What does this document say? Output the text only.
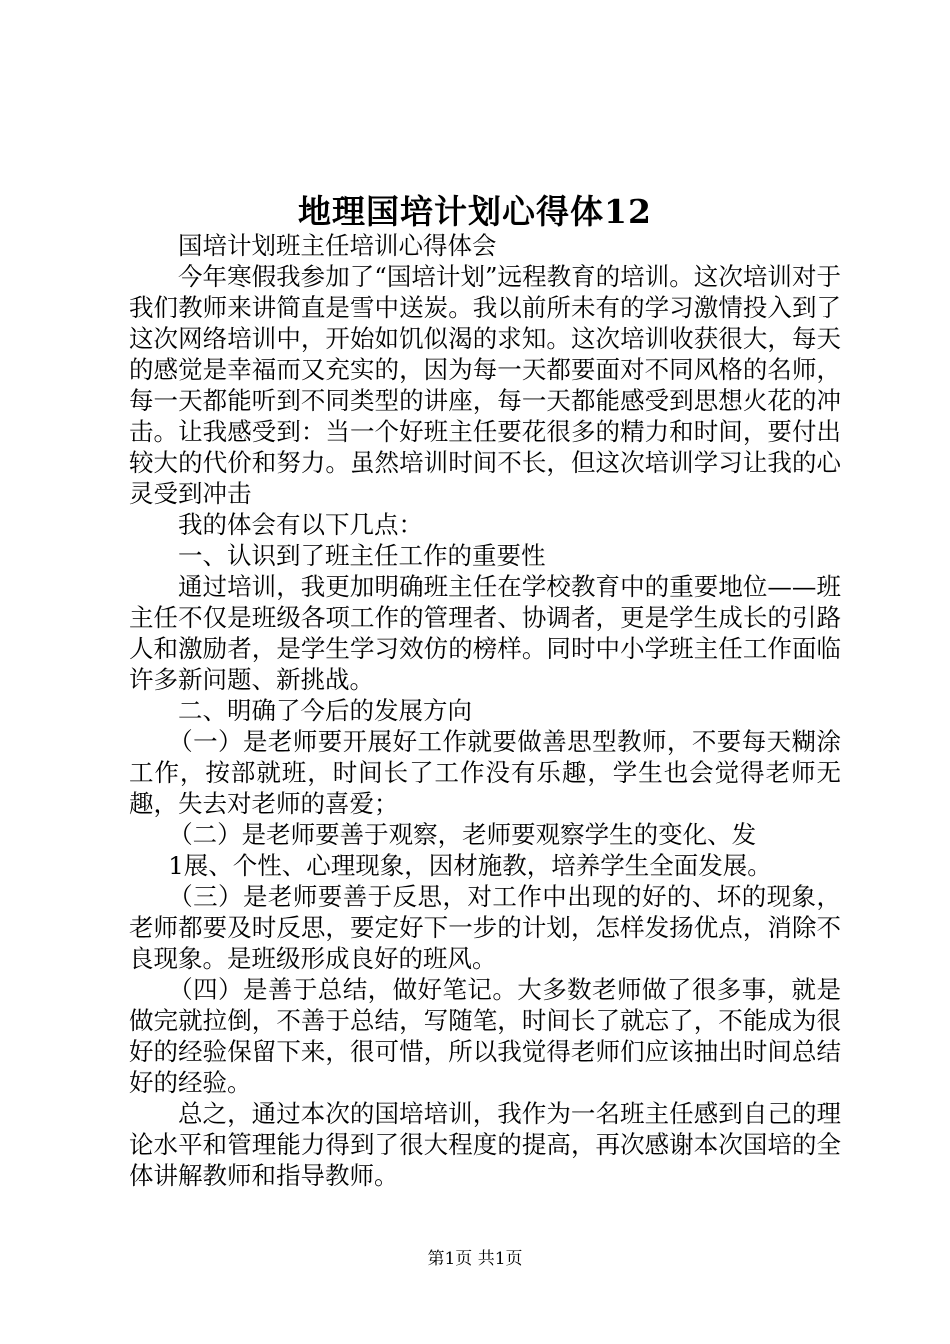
地理国培计划心得体12

国培计划班主任培训心得体会

今年寒假我参加了“国培计划”远程教育的培训。这次培训对于我们教师来讲简直是雪中送炭。我以前所未有的学习激情投入到了这次网络培训中，开始如饥似渴的求知。这次培训收获很大，每天的感觉是幸福而又充实的，因为每一天都要面对不同风格的名师，每一天都能听到不同类型的讲座，每一天都能感受到思想火花的冲击。让我感受到：当一个好班主任要花很多的精力和时间，要付出较大的代价和努力。虽然培训时间不长，但这次培训学习让我的心灵受到冲击

我的体会有以下几点：

一、认识到了班主任工作的重要性

通过培训，我更加明确班主任在学校教育中的重要地位——班主任不仅是班级各项工作的管理者、协调者，更是学生成长的引路人和激励者，是学生学习效仿的榜样。同时中小学班主任工作面临许多新问题、新挑战。

二、明确了今后的发展方向

（一）是老师要开展好工作就要做善思型教师，不要每天糊涂工作，按部就班，时间长了工作没有乐趣，学生也会觉得老师无趣，失去对老师的喜爱；

（二）是老师要善于观察，老师要观察学生的变化、发

1展、个性、心理现象，因材施教，培养学生全面发展。

（三）是老师要善于反思，对工作中出现的好的、坏的现象，老师都要及时反思，要定好下一步的计划，怎样发扬优点，消除不良现象。是班级形成良好的班风。

（四）是善于总结，做好笔记。大多数老师做了很多事，就是做完就拉倒，不善于总结，写随笔，时间长了就忘了，不能成为很好的经验保留下来，很可惜，所以我觉得老师们应该抽出时间总结好的经验。

总之，通过本次的国培培训，我作为一名班主任感到自己的理论水平和管理能力得到了很大程度的提高，再次感谢本次国培的全体讲解教师和指导教师。

第1页 共1页
